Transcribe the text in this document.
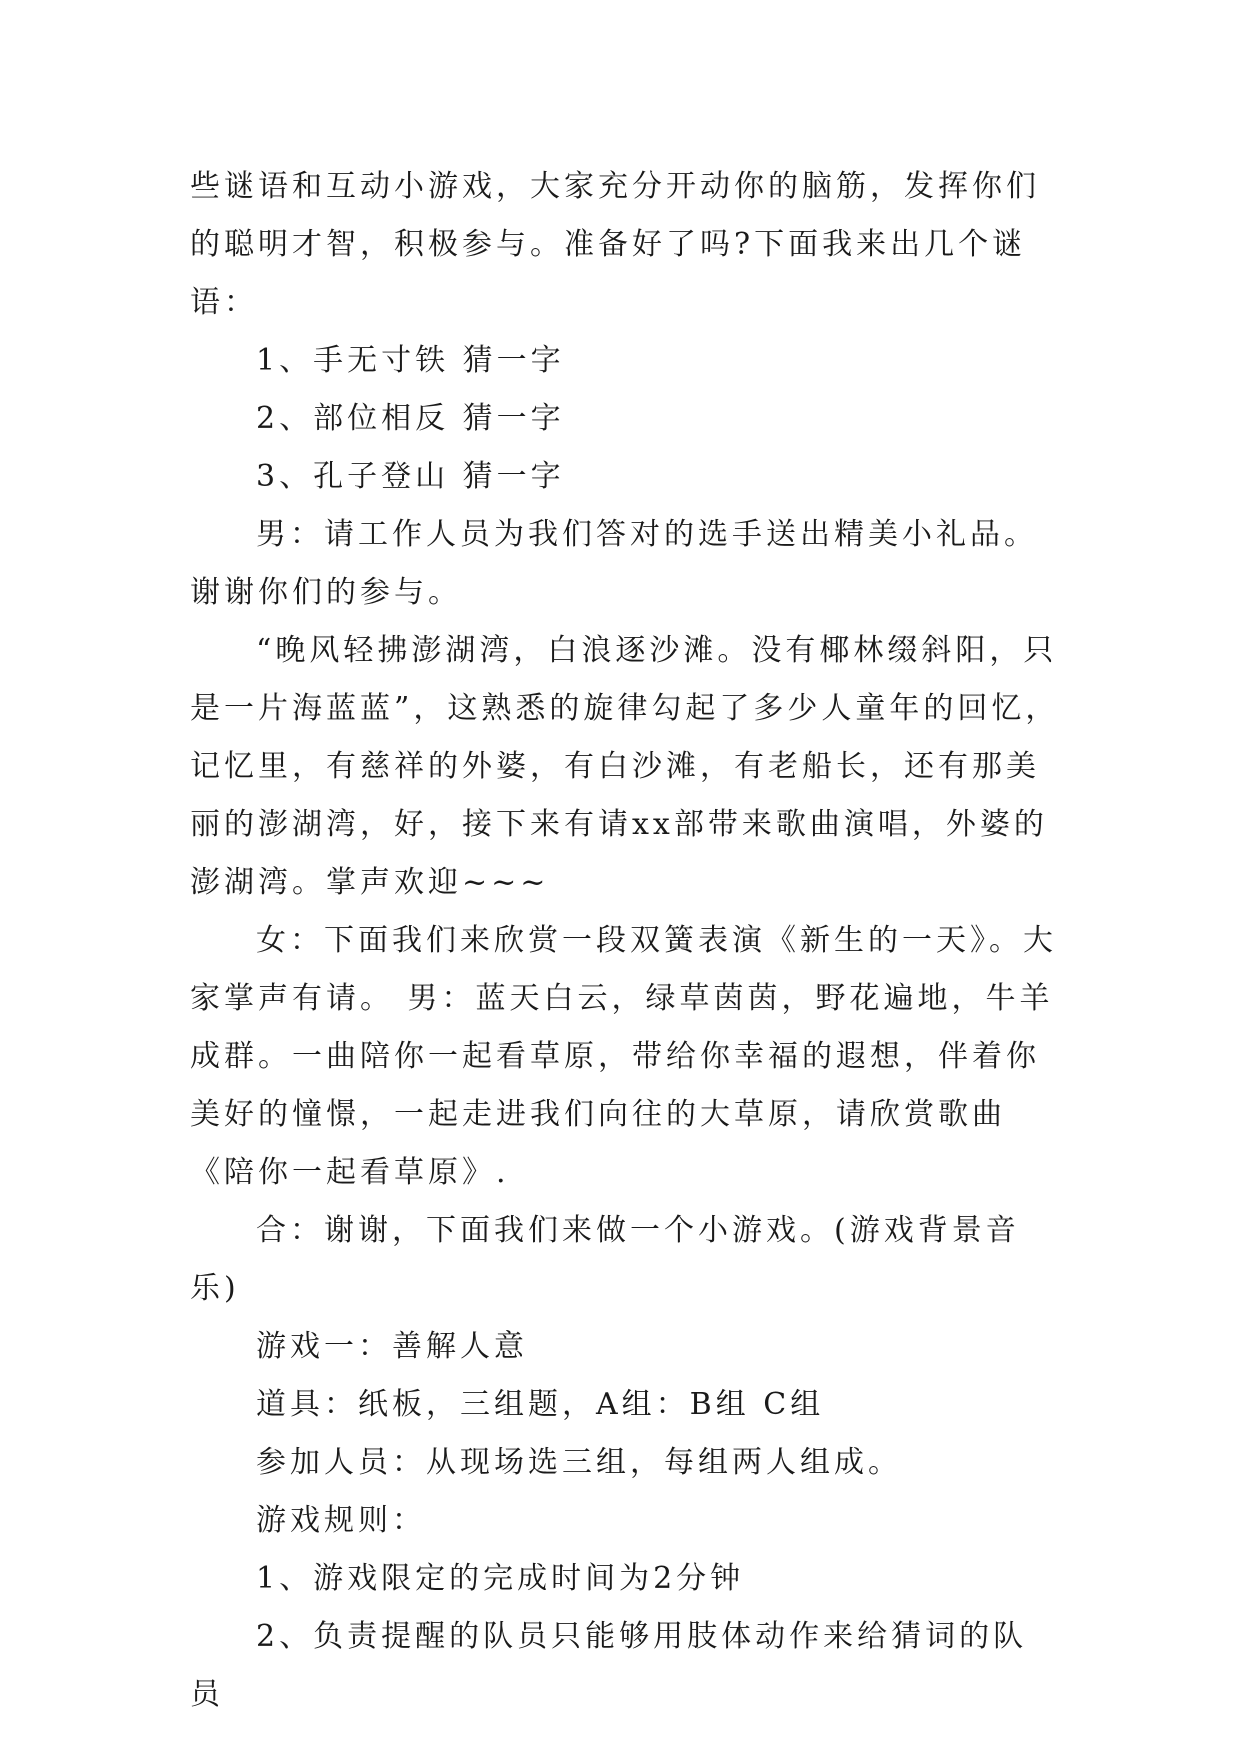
些谜语和互动小游戏，大家充分开动你的脑筋，发挥你们的聪明才智，积极参与。准备好了吗?下面我来出几个谜语：

1、手无寸铁 猜一字

2、部位相反 猜一字

3、孔子登山 猜一字

男：请工作人员为我们答对的选手送出精美小礼品。谢谢你们的参与。

“晚风轻拂澎湖湾，白浪逐沙滩。没有椰林缀斜阳，只是一片海蓝蓝”，这熟悉的旋律勾起了多少人童年的回忆，记忆里，有慈祥的外婆，有白沙滩，有老船长，还有那美丽的澎湖湾，好，接下来有请xx部带来歌曲演唱，外婆的澎湖湾。掌声欢迎~~~

女：下面我们来欣赏一段双簧表演《新生的一天》。大家掌声有请。 男：蓝天白云，绿草茵茵，野花遍地，牛羊成群。一曲陪你一起看草原，带给你幸福的遐想，伴着你美好的憧憬，一起走进我们向往的大草原，请欣赏歌曲《陪你一起看草原》.

合：谢谢，下面我们来做一个小游戏。(游戏背景音乐)

游戏一：善解人意

道具：纸板，三组题，A组：B组 C组

参加人员：从现场选三组，每组两人组成。

游戏规则：

1、游戏限定的完成时间为2分钟

2、负责提醒的队员只能够用肢体动作来给猜词的队员
